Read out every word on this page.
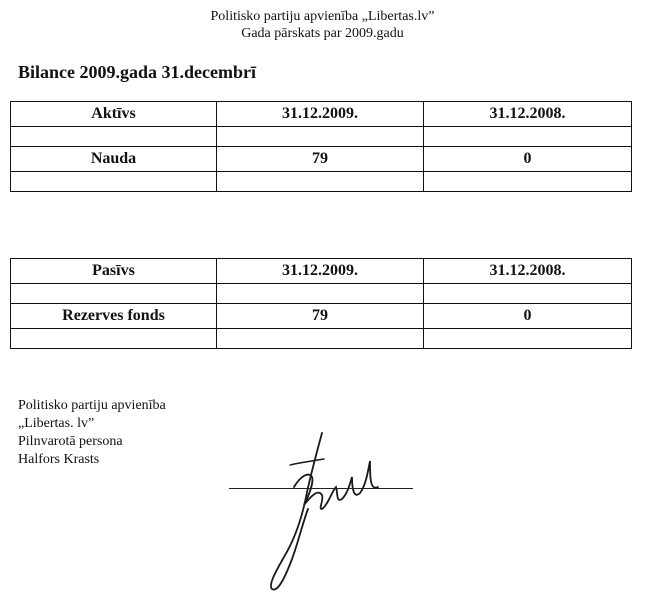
Politisko partiju apvienība „Libertas.lv”
Gada pārskats par 2009.gadu
Bilance 2009.gada 31.decembrī
Aktīvs	31.12.2009.	31.12.2008.

Nauda	79	0

Pasīvs	31.12.2009.	31.12.2008.

Rezerves fonds	79	0

Politisko partiju apvienība
„Libertas. lv”
Pilnvarotā persona
Halfors Krasts
